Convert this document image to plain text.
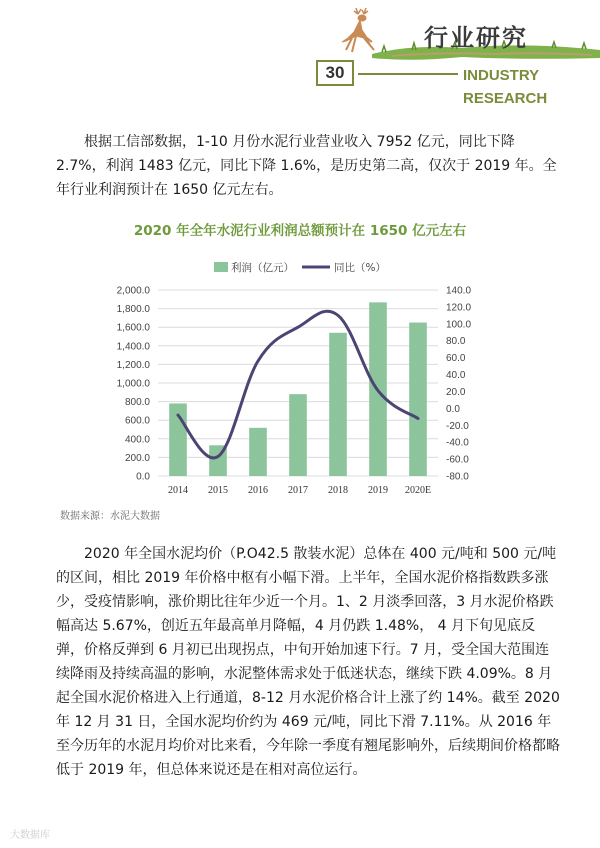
行业研究
30	INDUSTRY
RESEARCH

根据工信部数据，1-10 月份水泥行业营业收入 7952 亿元，同比下降 2.7%，利润 1483 亿元，同比下降 1.6%，是历史第二高，仅次于 2019 年。全年行业利润预计在 1650 亿元左右。

2020 年全年水泥行业利润总额预计在 1650 亿元左右
0.0
200.0
400.0
600.0
800.0
1,000.0
1,200.0
1,400.0
1,600.0
1,800.0
2,000.0
-80.0
-60.0
-40.0
-20.0
0.0
20.0
40.0
60.0
80.0
100.0
120.0
140.0
2014 2015 2016 2017 2018 2019 2020E
利润（亿元）	同比（%）
数据来源：水泥大数据

2020 年全国水泥均价（P.O42.5 散装水泥）总体在 400 元/吨和 500 元/吨的区间，相比 2019 年价格中枢有小幅下滑。上半年，全国水泥价格指数跌多涨少，受疫情影响，涨价期比往年少近一个月。1、2 月淡季回落，3 月水泥价格跌幅高达 5.67%，创近五年最高单月降幅，4 月仍跌 1.48%， 4 月下旬见底反弹，价格反弹到 6 月初已出现拐点，中旬开始加速下行。7 月，受全国大范围连续降雨及持续高温的影响，水泥整体需求处于低迷状态，继续下跌 4.09%。8 月起全国水泥价格进入上行通道，8-12 月水泥价格合计上涨了约 14%。截至 2020 年 12 月 31 日，全国水泥均价约为 469 元/吨，同比下滑 7.11%。从 2016 年至今历年的水泥月均价对比来看，今年除一季度有翘尾影响外，后续期间价格都略低于 2019 年，但总体来说还是在相对高位运行。

大数据库
